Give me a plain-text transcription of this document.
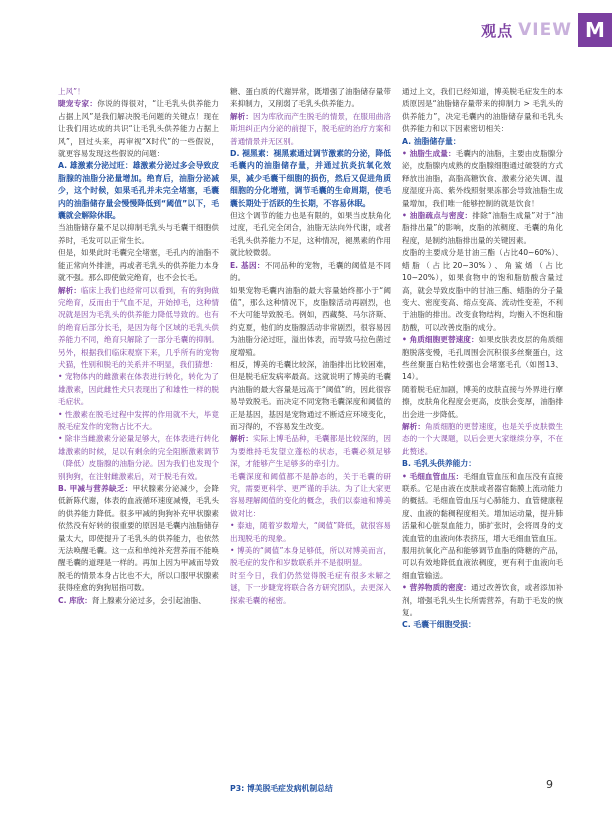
观点 VIEW M

上风”！

睫宠专家：你说的得很对，“让毛乳头供养能力占据上风”是我们解决脱毛问题的关键点！现在让我们用达成的共识“让毛乳头供养能力占据上风”，回过头来，再审视“X时代”的一些假说，就更容易发现这些假说的问题：

A. 雄激素分泌过旺：雄激素分泌过多会导致皮脂腺的油脂分泌量增加。绝育后，油脂分泌减少，这个时候，如果毛孔并未完全堵塞，毛囊内的油脂储存量会慢慢降低到“阈值”以下，毛囊就会解除休眠。

当油脂储存量不足以抑制毛乳头与毛囊干细胞供养时，毛发可以正常生长。

但是，如果此时毛囊完全堵塞，毛孔内的油脂不能正常向外排泄，再或者毛乳头的供养能力本身就不强。那么即使做完绝育，也不会长毛。

解析：临床上我们也经常可以看到，有的狗狗做完绝育，反而由于气血不足，开始掉毛，这种情况就是因为毛乳头的供养能力降低导致的。也有的绝育后部分长毛，是因为每个区域的毛乳头供养能力不同，绝育只解除了一部分毛囊的抑制。另外，根据我们临床观察下来，几乎所有的宠物犬猫，性别和脱毛的关系并不明显，我们猜想：

• 宠物体内的雌激素在体表进行转化，转化为了雄激素，因此雌性犬只表现出了和雄性一样的脱毛症状。

• 性激素在脱毛过程中发挥的作用就不大，毕竟脱毛症发作的宠物占比不大。

• 除非当雌激素分泌量足够大，在体表进行转化雄激素的时候，足以有剩余的完全阻断激素调节（降低）皮脂腺的油脂分泌。因为我们也发现个别狗狗，在注射雌激素后，对于脱毛有效。

B. 甲减与营养缺乏：甲状腺素分泌减少，会降低新陈代谢，体表的血液循环速度减慢，毛乳头的供养能力降低。很多甲减的狗狗补充甲状腺素依然没有好转的很重要的原因是毛囊内油脂储存量太大，即使提升了毛乳头的供养能力，也依然无法唤醒毛囊。这一点和单纯补充营养而不能唤醒毛囊的道理是一样的。再加上因为甲减而导致脱毛的情景本身占比也不大，所以口服甲状腺素获得痊愈的狗狗屈指可数。

C. 库欣：肾上腺素分泌过多，会引起油脂、

糖、蛋白质的代谢异常，既增强了油脂储存量带来抑制力，又削弱了毛乳头供养能力。

解析：因为库欣而产生脱毛的情景，在服用曲洛斯坦纠正内分泌的前提下，脱毛症的治疗方案和普通情景并无区别。

D. 褪黑素：褪黑素通过调节激素的分泌，降低毛囊内的油脂储存量，并通过抗炎抗氧化效果，减少毛囊干细胞的损伤，然后又促进角质细胞的分化增殖，调节毛囊的生命周期，使毛囊长期处于活跃的生长期，不容易休眠。

但这个调节的能力也是有限的，如果当皮肤角化过度，毛孔完全闭合，油脂无法向外代谢，或者毛乳头供养能力不足，这种情况，褪黑素的作用就比较微弱。

E. 基因：不同品种的宠物，毛囊的阈值是不同的。

如果宠物毛囊内油脂的最大容量始终都小于“阈值”，那么这种情况下，皮脂腺活动再剧烈，也不大可能导致脱毛。例如，西藏獒、马尔济斯、约克夏，他们的皮脂腺活动非常剧烈，很容易因为油脂分泌过旺，溢出体表，而导致马拉色菌过度增殖。

相反，博美的毛囊比较深，油脂排出比较困难，但是脱毛症发病率最高。这就说明了博美的毛囊内油脂的最大容量是远高于“阈值”的，因此很容易导致脱毛。而决定不同宠物毛囊深度和阈值的正是基因，基因是宠物通过不断适应环境变化，而习得的，不容易发生改变。

解析：实际上博毛品种，毛囊都是比较深的，因为要维持毛发望立蓬松的状态，毛囊必须足够深，才能够产生足够多的牵引力。

毛囊深度和阈值都不是静态的，关于毛囊的研究，需要更科学、更严谨的手法。为了让大家更容易理解阈值的变化的概念，我们以泰迪和博美做对比：

• 泰迪，随着岁数增大，“阈值”降低，就很容易出现脱毛的现象。

• 博美的“阈值”本身足够低，所以对博美而言，脱毛症的发作和岁数联系并不是很明显。

时至今日，我们仍然觉得脱毛症有很多未解之谜，下一步睫宠将联合各方研究团队，去更深入探索毛囊的秘密。

P3: 博美脱毛症发病机制总结

通过上文，我们已经知道，博美脱毛症发生的本质原因是“油脂储存量带来的抑制力 > 毛乳头的供养能力”，决定毛囊内的油脂储存量和毛乳头供养能力和以下因素密切相关：

A. 油脂储存量：

• 油脂生成量：毛囊内的油脂，主要由皮脂腺分泌，皮脂腺内成熟的皮脂腺细胞通过破裂的方式释放出油脂，高脂高糖饮食、激素分泌失调、温度湿度升高、紫外线照射果冻都会导致油脂生成量增加，我们唯一能够控制的就是饮食！

• 油脂疏点与密度：排除“油脂生成量”对于“油脂排出量”的影响，皮脂的浓稠度、毛囊的角化程度，是制约油脂排出量的关键因素。

皮脂的主要成分是甘油三酯（占比40~60%）、蜡脂（占比20~30%）、角鲨烯（占比10~20%），如果食物中的饱和脂肪酸含量过高，就会导致皮脂中的甘油三酯、蜡脂的分子量变大、密度变高、熔点变高、流动性变差，不利于油脂的排出。改变食物结构，均衡入不饱和脂肪酸，可以改善皮脂的成分。

• 角质细胞更替速度：如果皮肤表皮层的角质细胞脱落变慢，毛孔周围会沉积很多丝聚蛋白，这些丝聚蛋白粘性较强也会堵塞毛孔（如图13、14）。

随着脱毛症加剧，博美的皮肤直接与外界进行摩擦，皮肤角化程度会更高，皮肤会变厚，油脂排出会进一步降低。

解析：角质细胞的更替速度，也是关乎皮肤微生态的一个大课题，以后会更大家继续分享，不在此赘述。

B. 毛乳头供养能力：

• 毛细血管血压：毛细血管血压和血压没有直接联系。它是由液在皮肤或者器官黏膜上流动能力的概括。毛细血管血压与心肺能力、血管健康程度、血液的黏稠程度相关。增加运动量，提升肺活量和心脏泵血能力，肺扩张时，会将周身的支流血管的血液向体表挤压，增大毛细血管血压。

服用抗氧化产品和能够调节血脂的降糖的产品，可以有效地降低血液浓稠度，更有利于血液向毛细血管输送。

• 营养物质的密度：通过改善饮食，或者添加补剂，增强毛乳头生长所需营养，有助于毛发的恢复。

C. 毛囊干细胞受损：

9
